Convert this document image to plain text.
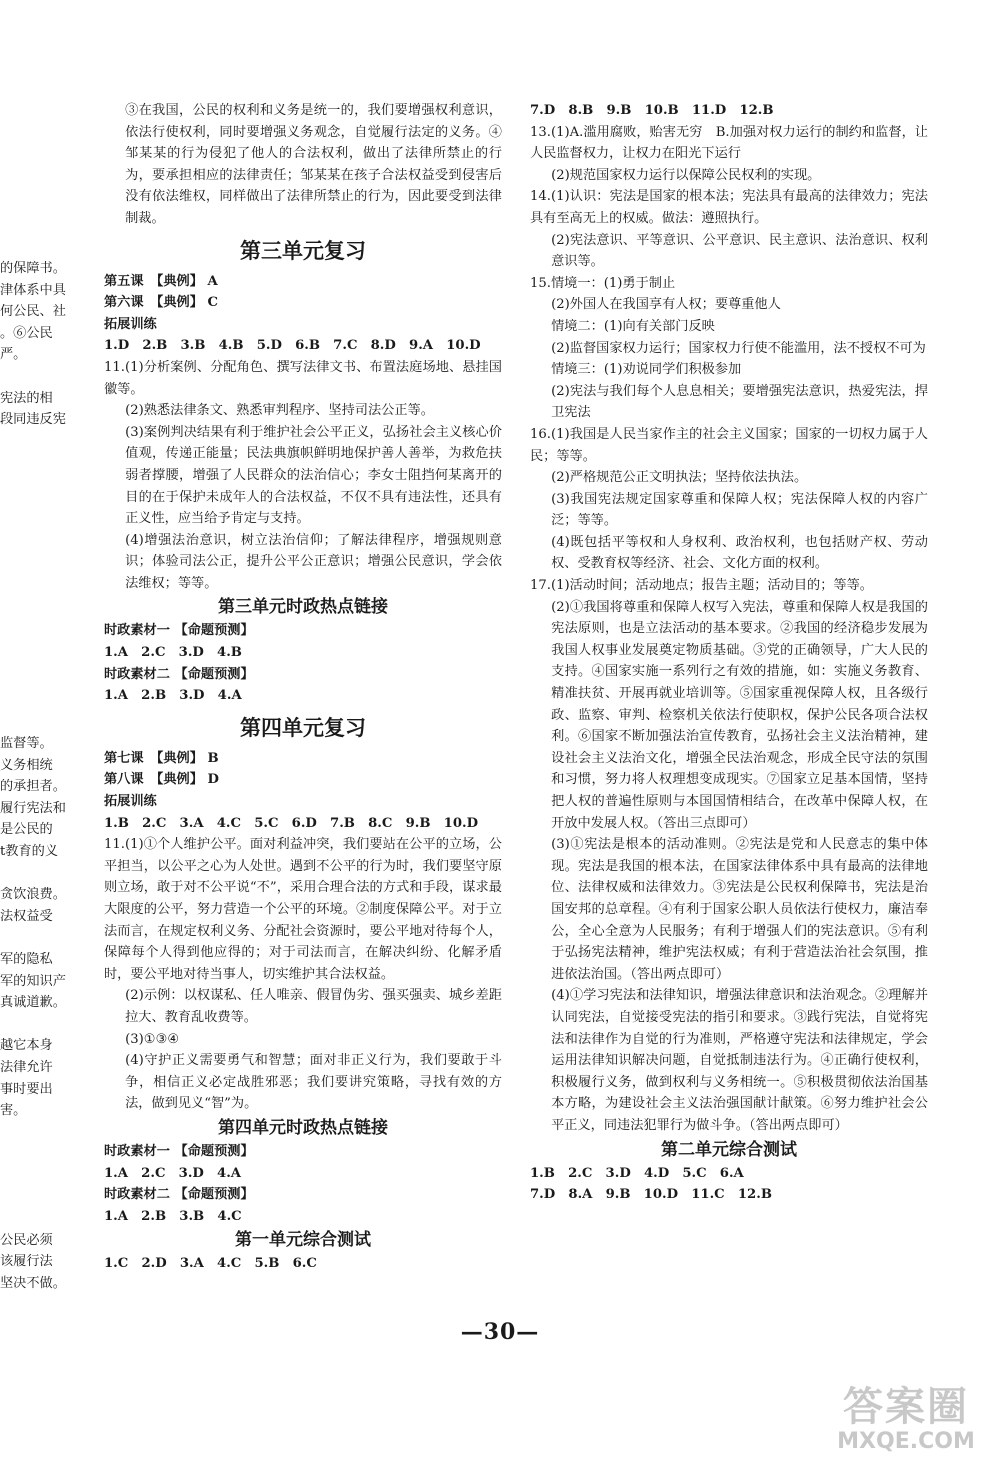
的保障书。

津体系中具

何公民、社

。⑥公民

严。

宪法的相

段同违反宪

监督等。

义务相统

的承担者。

履行宪法和

是公民的

t教育的义

贪饮浪费。

法权益受

军的隐私

军的知识产

真诚道歉。

越它本身

法律允许

事时要出

害。

公民必须

该履行法

坚决不做。

③在我国，公民的权利和义务是统一的，我们要增强权利意识，依法行使权利，同时要增强义务观念，自觉履行法定的义务。④邹某某的行为侵犯了他人的合法权利，做出了法律所禁止的行为，要承担相应的法律责任；邹某某在孩子合法权益受到侵害后没有依法维权，同样做出了法律所禁止的行为，因此要受到法律制裁。

第三单元复习

第五课　【典例】 A

第六课　【典例】 C

拓展训练

1.D　2.B　3.B　4.B　5.D　6.B　7.C　8.D　9.A　10.D

11.(1)分析案例、分配角色、撰写法律文书、布置法庭场地、悬挂国徽等。

(2)熟悉法律条文、熟悉审判程序、坚持司法公正等。

(3)案例判决结果有利于维护社会公平正义，弘扬社会主义核心价值观，传递正能量；民法典旗帜鲜明地保护善人善举，为救危扶弱者撑腰，增强了人民群众的法治信心；李女士阻挡何某离开的目的在于保护未成年人的合法权益，不仅不具有违法性，还具有正义性，应当给予肯定与支持。

(4)增强法治意识，树立法治信仰；了解法律程序，增强规则意识；体验司法公正，提升公平公正意识；增强公民意识，学会依法维权；等等。

第三单元时政热点链接

时政素材一 【命题预测】

1.A　2.C　3.D　4.B

时政素材二 【命题预测】

1.A　2.B　3.D　4.A

第四单元复习

第七课　【典例】 B

第八课　【典例】 D

拓展训练

1.B　2.C　3.A　4.C　5.C　6.D　7.B　8.C　9.B　10.D

11.(1)①个人维护公平。面对利益冲突，我们要站在公平的立场，公平担当，以公平之心为人处世。遇到不公平的行为时，我们要坚守原则立场，敢于对不公平说“不”，采用合理合法的方式和手段，谋求最大限度的公平，努力营造一个公平的环境。②制度保障公平。对于立法而言，在规定权利义务、分配社会资源时，要公平地对待每个人，保障每个人得到他应得的；对于司法而言，在解决纠纷、化解矛盾时，要公平地对待当事人，切实维护其合法权益。

(2)示例：以权谋私、任人唯亲、假冒伪劣、强买强卖、城乡差距拉大、教育乱收费等。

(3)①③④

(4)守护正义需要勇气和智慧；面对非正义行为，我们要敢于斗争，相信正义必定战胜邪恶；我们要讲究策略，寻找有效的方法，做到见义“智”为。

第四单元时政热点链接

时政素材一 【命题预测】

1.A　2.C　3.D　4.A

时政素材二 【命题预测】

1.A　2.B　3.B　4.C

第一单元综合测试

1.C　2.D　3.A　4.C　5.B　6.C

7.D　8.B　9.B　10.B　11.D　12.B

13.(1)A.滥用腐败，贻害无穷　B.加强对权力运行的制约和监督，让人民监督权力，让权力在阳光下运行

(2)规范国家权力运行以保障公民权利的实现。

14.(1)认识：宪法是国家的根本法；宪法具有最高的法律效力；宪法具有至高无上的权威。做法：遵照执行。

(2)宪法意识、平等意识、公平意识、民主意识、法治意识、权利意识等。

15.情境一：(1)勇于制止

(2)外国人在我国享有人权；要尊重他人

情境二：(1)向有关部门反映

(2)监督国家权力运行；国家权力行使不能滥用，法不授权不可为

情境三：(1)劝说同学们积极参加

(2)宪法与我们每个人息息相关；要增强宪法意识，热爱宪法，捍卫宪法

16.(1)我国是人民当家作主的社会主义国家；国家的一切权力属于人民；等等。

(2)严格规范公正文明执法；坚持依法执法。

(3)我国宪法规定国家尊重和保障人权；宪法保障人权的内容广泛；等等。

(4)既包括平等权和人身权利、政治权利，也包括财产权、劳动权、受教育权等经济、社会、文化方面的权利。

17.(1)活动时间；活动地点；报告主题；活动目的；等等。

(2)①我国将尊重和保障人权写入宪法，尊重和保障人权是我国的宪法原则，也是立法活动的基本要求。②我国的经济稳步发展为我国人权事业发展奠定物质基础。③党的正确领导，广大人民的支持。④国家实施一系列行之有效的措施，如：实施义务教育、精准扶贫、开展再就业培训等。⑤国家重视保障人权，且各级行政、监察、审判、检察机关依法行使职权，保护公民各项合法权利。⑥国家不断加强法治宣传教育，弘扬社会主义法治精神，建设社会主义法治文化，增强全民法治观念，形成全民守法的氛围和习惯，努力将人权理想变成现实。⑦国家立足基本国情，坚持把人权的普遍性原则与本国国情相结合，在改革中保障人权，在开放中发展人权。（答出三点即可）

(3)①宪法是根本的活动准则。②宪法是党和人民意志的集中体现。宪法是我国的根本法，在国家法律体系中具有最高的法律地位、法律权威和法律效力。③宪法是公民权利保障书，宪法是治国安邦的总章程。④有利于国家公职人员依法行使权力，廉洁奉公，全心全意为人民服务；有利于增强人们的宪法意识。⑤有利于弘扬宪法精神，维护宪法权威；有利于营造法治社会氛围，推进依法治国。（答出两点即可）

(4)①学习宪法和法律知识，增强法律意识和法治观念。②理解并认同宪法，自觉接受宪法的指引和要求。③践行宪法，自觉将宪法和法律作为自觉的行为准则，严格遵守宪法和法律规定，学会运用法律知识解决问题，自觉抵制违法行为。④正确行使权利，积极履行义务，做到权利与义务相统一。⑤积极贯彻依法治国基本方略，为建设社会主义法治强国献计献策。⑥努力维护社会公平正义，同违法犯罪行为做斗争。（答出两点即可）

第二单元综合测试

1.B　2.C　3.D　4.D　5.C　6.A

7.D　8.A　9.B　10.D　11.C　12.B

—30—
答案圈
MXQE.COM
